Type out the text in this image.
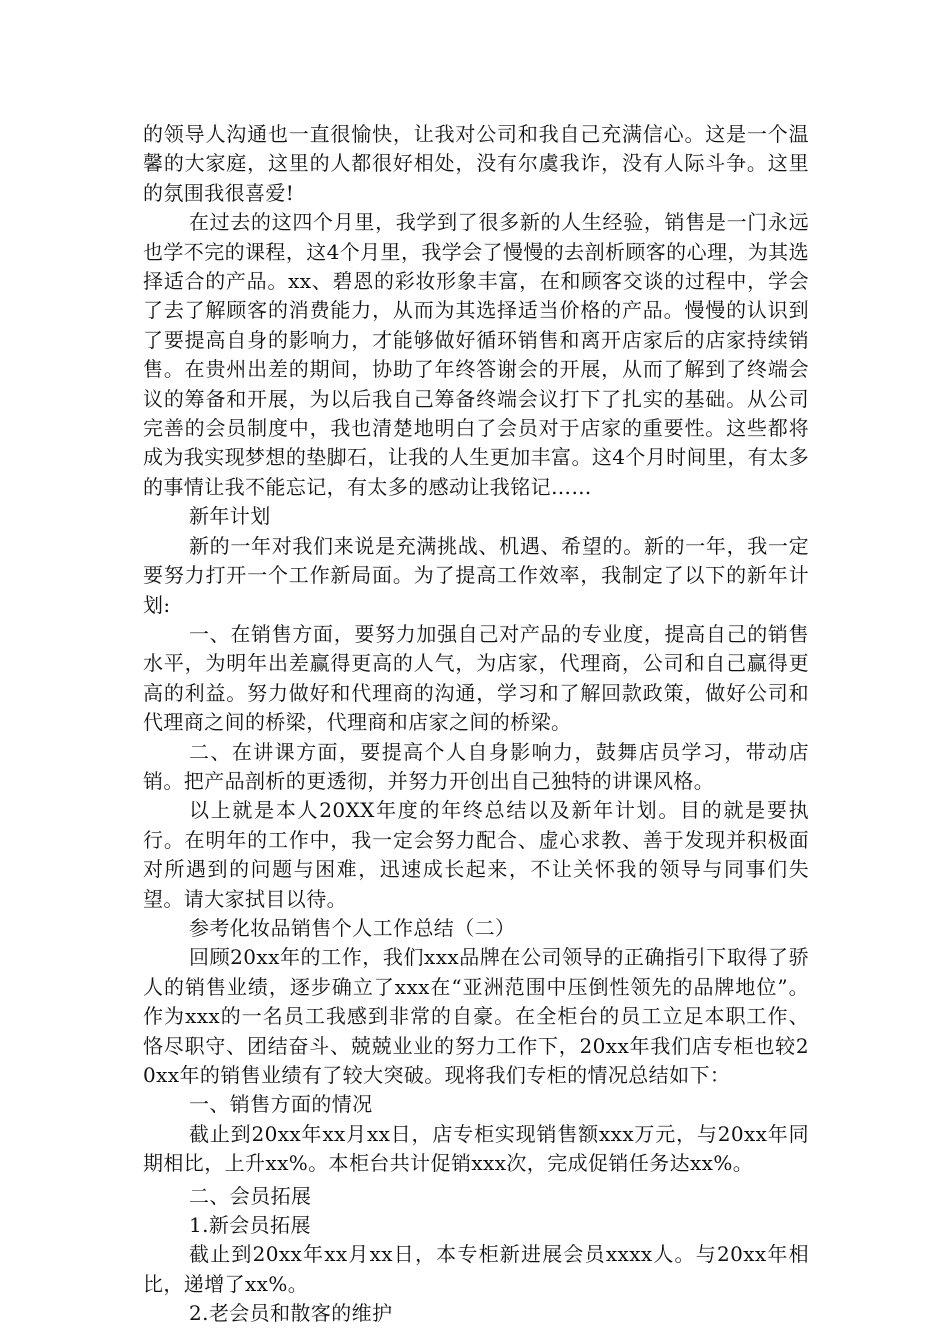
的领导人沟通也一直很愉快，让我对公司和我自己充满信心。这是一个温馨的大家庭，这里的人都很好相处，没有尔虞我诈，没有人际斗争。这里的氛围我很喜爱!

在过去的这四个月里，我学到了很多新的人生经验，销售是一门永远也学不完的课程，这4个月里，我学会了慢慢的去剖析顾客的心理，为其选择适合的产品。xx、碧恩的彩妆形象丰富，在和顾客交谈的过程中，学会了去了解顾客的消费能力，从而为其选择适当价格的产品。慢慢的认识到了要提高自身的影响力，才能够做好循环销售和离开店家后的店家持续销售。在贵州出差的期间，协助了年终答谢会的开展，从而了解到了终端会议的筹备和开展，为以后我自己筹备终端会议打下了扎实的基础。从公司完善的会员制度中，我也清楚地明白了会员对于店家的重要性。这些都将成为我实现梦想的垫脚石，让我的人生更加丰富。这4个月时间里，有太多的事情让我不能忘记，有太多的感动让我铭记……

新年计划

新的一年对我们来说是充满挑战、机遇、希望的。新的一年，我一定要努力打开一个工作新局面。为了提高工作效率，我制定了以下的新年计划:

一、在销售方面，要努力加强自己对产品的专业度，提高自己的销售水平，为明年出差赢得更高的人气，为店家，代理商，公司和自己赢得更高的利益。努力做好和代理商的沟通，学习和了解回款政策，做好公司和代理商之间的桥梁，代理商和店家之间的桥梁。

二、在讲课方面，要提高个人自身影响力，鼓舞店员学习，带动店销。把产品剖析的更透彻，并努力开创出自己独特的讲课风格。

以上就是本人20XX年度的年终总结以及新年计划。目的就是要执行。在明年的工作中，我一定会努力配合、虚心求教、善于发现并积极面对所遇到的问题与困难，迅速成长起来，不让关怀我的领导与同事们失望。请大家拭目以待。

参考化妆品销售个人工作总结（二）

回顾20xx年的工作，我们xxx品牌在公司领导的正确指引下取得了骄人的销售业绩，逐步确立了xxx在“亚洲范围中压倒性领先的品牌地位”。作为xxx的一名员工我感到非常的自豪。在全柜台的员工立足本职工作、恪尽职守、团结奋斗、兢兢业业的努力工作下，20xx年我们店专柜也较20xx年的销售业绩有了较大突破。现将我们专柜的情况总结如下：

一、销售方面的情况

截止到20xx年xx月xx日，店专柜实现销售额xxx万元，与20xx年同期相比，上升xx%。本柜台共计促销xxx次，完成促销任务达xx%。

二、会员拓展

1.新会员拓展

截止到20xx年xx月xx日，本专柜新进展会员xxxx人。与20xx年相比，递增了xx%。

2.老会员和散客的维护
